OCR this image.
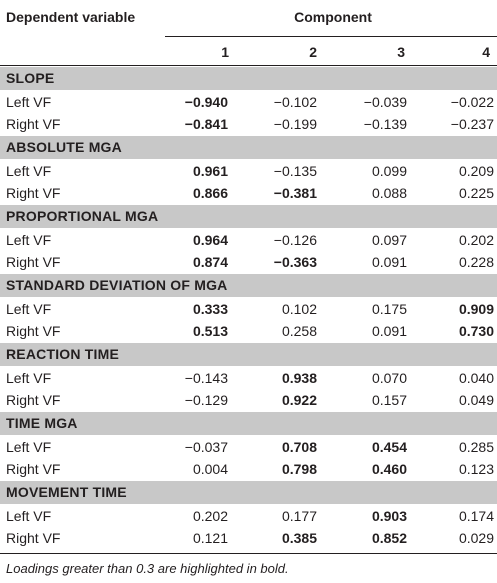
Dependent variable	Component
1	2	3	4
SLOPE
Left VF	−0.940	−0.102	−0.039	−0.022
Right VF	−0.841	−0.199	−0.139	−0.237
ABSOLUTE MGA
Left VF	0.961	−0.135	0.099	0.209
Right VF	0.866	−0.381	0.088	0.225
PROPORTIONAL MGA
Left VF	0.964	−0.126	0.097	0.202
Right VF	0.874	−0.363	0.091	0.228
STANDARD DEVIATION OF MGA
Left VF	0.333	0.102	0.175	0.909
Right VF	0.513	0.258	0.091	0.730
REACTION TIME
Left VF	−0.143	0.938	0.070	0.040
Right VF	−0.129	0.922	0.157	0.049
TIME MGA
Left VF	−0.037	0.708	0.454	0.285
Right VF	0.004	0.798	0.460	0.123
MOVEMENT TIME
Left VF	0.202	0.177	0.903	0.174
Right VF	0.121	0.385	0.852	0.029
Loadings greater than 0.3 are highlighted in bold.
